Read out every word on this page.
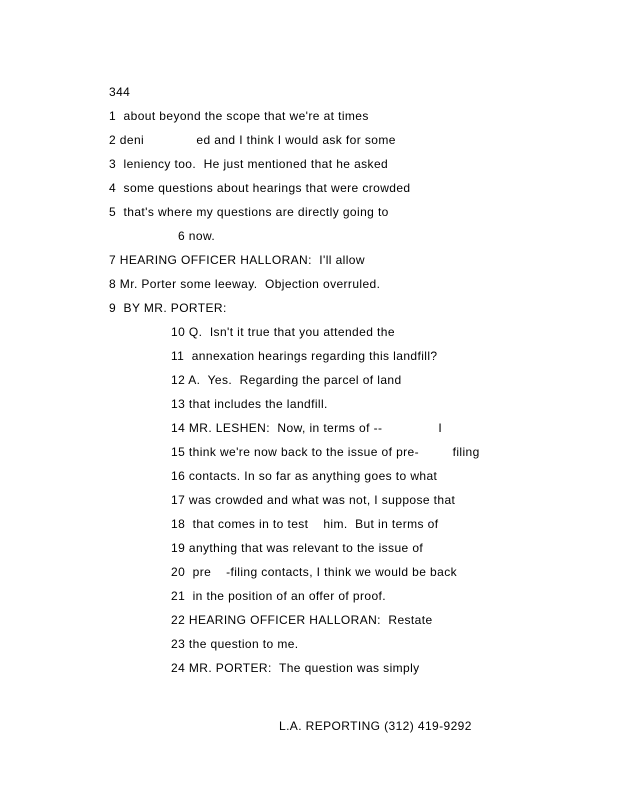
344
1  about beyond the scope that we're at times
2 deni              ed and I think I would ask for some
3  leniency too.  He just mentioned that he asked
4  some questions about hearings that were crowded
5  that's where my questions are directly going to
6 now.
7 HEARING OFFICER HALLORAN:  I'll allow
8 Mr. Porter some leeway.  Objection overruled.
9  BY MR. PORTER:
10 Q.  Isn't it true that you attended the
11  annexation hearings regarding this landfill?
12 A.  Yes.  Regarding the parcel of land
13 that includes the landfill.
14 MR. LESHEN:  Now, in terms of --               I
15 think we're now back to the issue of pre-         filing
16 contacts. In so far as anything goes to what
17 was crowded and what was not, I suppose that
18  that comes in to test    him.  But in terms of
19 anything that was relevant to the issue of
20  pre    -filing contacts, I think we would be back
21  in the position of an offer of proof.
22 HEARING OFFICER HALLORAN:  Restate
23 the question to me.
24 MR. PORTER:  The question was simply
L.A. REPORTING (312) 419-9292
